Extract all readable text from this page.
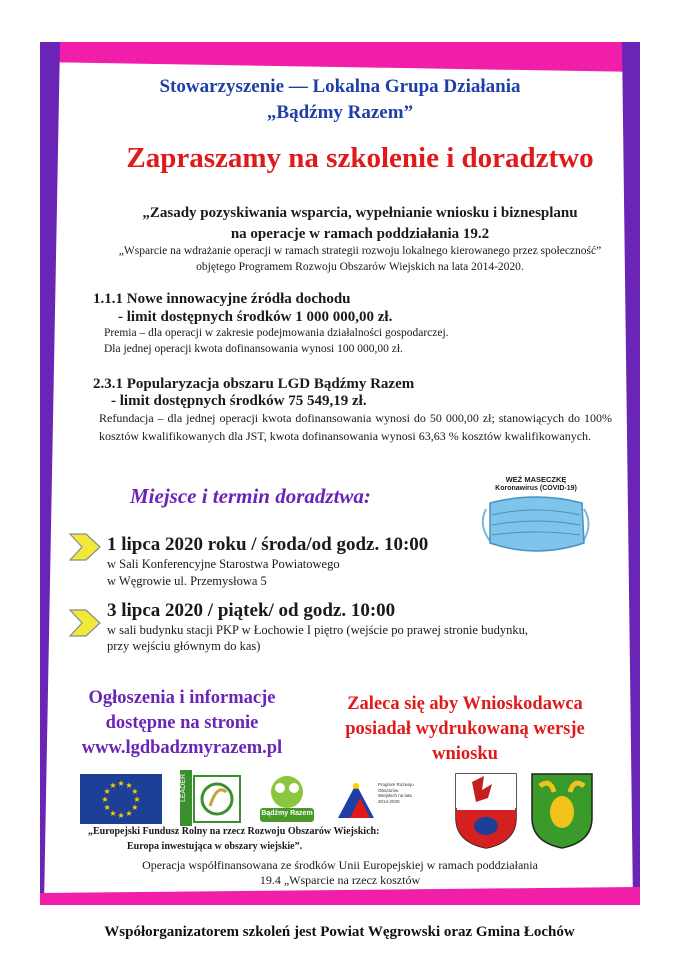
Stowarzyszenie — Lokalna Grupa Działania
„Bądźmy Razem”
Zapraszamy na szkolenie i doradztwo
„Zasady pozyskiwania wsparcia, wypełnianie wniosku i biznesplanu
na operacje w ramach poddziałania 19.2
„Wsparcie na wdrażanie operacji w ramach strategii rozwoju lokalnego kierowanego przez społeczność”
objętego Programem Rozwoju Obszarów Wiejskich na lata 2014-2020.
1.1.1 Nowe innowacyjne źródła dochodu
- limit dostępnych środków 1 000 000,00 zł.
Premia – dla operacji w zakresie podejmowania działalności gospodarczej.
Dla jednej operacji kwota dofinansowania wynosi 100 000,00 zł.
2.3.1 Popularyzacja obszaru LGD Bądźmy Razem
- limit dostępnych środków 75 549,19 zł.
Refundacja – dla jednej operacji kwota dofinansowania wynosi do 50 000,00 zł; stanowiących do 100% kosztów kwalifikowanych dla JST, kwota dofinansowania wynosi 63,63 % kosztów kwalifikowanych.
Miejsce i termin doradztwa:
WEŹ MASECZKĘ
Koronawirus (COVID-19)
1 lipca 2020 roku / środa/od godz. 10:00
w Sali Konferencyjne Starostwa Powiatowego
w Węgrowie ul. Przemysłowa 5
3 lipca 2020 / piątek/ od godz. 10:00
w sali budynku stacji PKP w Łochowie I piętro (wejście po prawej stronie budynku,
przy wejściu głównym do kas)
Ogłoszenia i informacje
dostępne na stronie
www.lgdbadzmyrazem.pl
Zaleca się aby Wnioskodawca
posiadał wydrukowaną wersje
wniosku
★
★
★
★
★
★
★
★
★ ★ ★
★	LEADER
Bądźmy Razem
Program Rozwoju Obszarów Wiejskich na lata 2014-2020
„Europejski Fundusz Rolny na rzecz Rozwoju Obszarów Wiejskich:
Europa inwestująca w obszary wiejskie”.
Operacja współfinansowana ze środków Unii Europejskiej w ramach poddziałania
19.4 „Wsparcie na rzecz kosztów
Współorganizatorem szkoleń jest Powiat Węgrowski oraz Gmina Łochów
